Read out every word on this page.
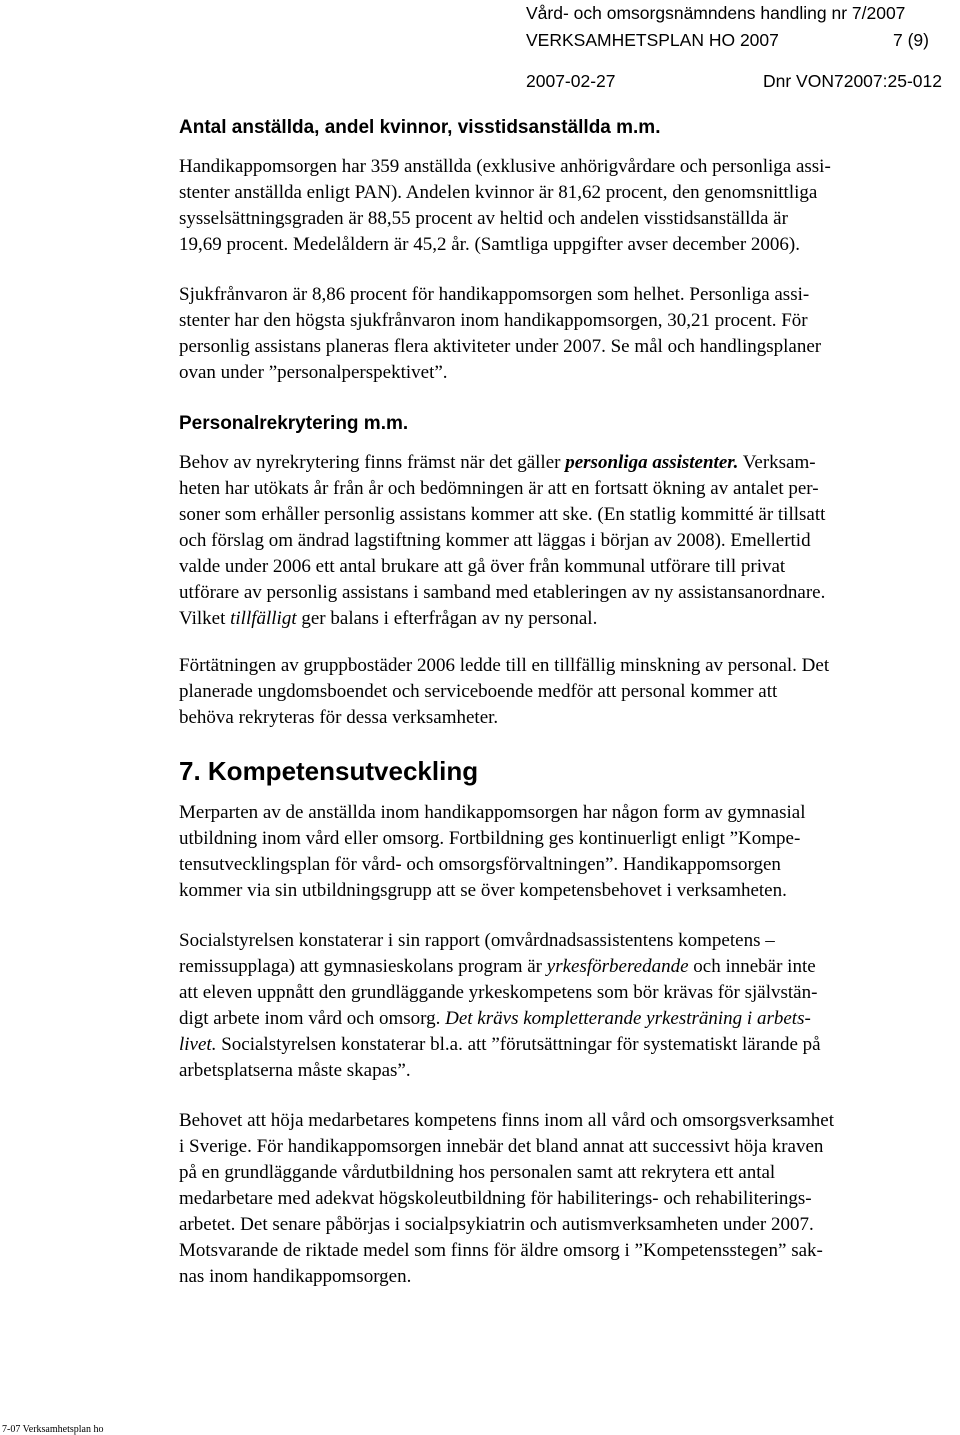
Vård- och omsorgsnämndens handling nr 7/2007
VERKSAMHETSPLAN HO 2007	7 (9)
2007-02-27	Dnr VON72007:25-012
Antal anställda, andel kvinnor, visstidsanställda m.m.
Handikappomsorgen har 359 anställda (exklusive anhörigvårdare och personliga assi-
stenter anställda enligt PAN). Andelen kvinnor är 81,62 procent, den genomsnittliga
sysselsättningsgraden är 88,55 procent av heltid och andelen visstidsanställda är
19,69 procent. Medelåldern är 45,2 år. (Samtliga uppgifter avser december 2006).
Sjukfrånvaron är 8,86 procent för handikappomsorgen som helhet. Personliga assi-
stenter har den högsta sjukfrånvaron inom handikappomsorgen, 30,21 procent. För
personlig assistans planeras flera aktiviteter under 2007. Se mål och handlingsplaner
ovan under ”personalperspektivet”.
Personalrekrytering m.m.
Behov av nyrekrytering finns främst när det gäller personliga assistenter. Verksam-
heten har utökats år från år och bedömningen är att en fortsatt ökning av antalet per-
soner som erhåller personlig assistans kommer att ske. (En statlig kommitté är tillsatt
och förslag om ändrad lagstiftning kommer att läggas i början av 2008). Emellertid
valde under 2006 ett antal brukare att gå över från kommunal utförare till privat
utförare av personlig assistans i samband med etableringen av ny assistansanordnare.
Vilket tillfälligt ger balans i efterfrågan av ny personal.
Förtätningen av gruppbostäder 2006 ledde till en tillfällig minskning av personal. Det
planerade ungdomsboendet och serviceboende medför att personal kommer att
behöva rekryteras för dessa verksamheter.
7. Kompetensutveckling
Merparten av de anställda inom handikappomsorgen har någon form av gymnasial
utbildning inom vård eller omsorg. Fortbildning ges kontinuerligt enligt ”Kompe-
tensutvecklingsplan för vård- och omsorgsförvaltningen”. Handikappomsorgen
kommer via sin utbildningsgrupp att se över kompetensbehovet i verksamheten.
Socialstyrelsen konstaterar i sin rapport (omvårdnadsassistentens kompetens –
remissupplaga) att gymnasieskolans program är yrkesförberedande och innebär inte
att eleven uppnått den grundläggande yrkeskompetens som bör krävas för självstän-
digt arbete inom vård och omsorg. Det krävs kompletterande yrkesträning i arbets-
livet. Socialstyrelsen konstaterar bl.a. att ”förutsättningar för systematiskt lärande på
arbetsplatserna måste skapas”.
Behovet att höja medarbetares kompetens finns inom all vård och omsorgsverksamhet
i Sverige. För handikappomsorgen innebär det bland annat att successivt höja kraven
på en grundläggande vårdutbildning hos personalen samt att rekrytera ett antal
medarbetare med adekvat högskoleutbildning för habiliterings- och rehabiliterings-
arbetet. Det senare påbörjas i socialpsykiatrin och autismverksamheten under 2007.
Motsvarande de riktade medel som finns för äldre omsorg i ”Kompetensstegen” sak-
nas inom handikappomsorgen.
7-07 Verksamhetsplan ho
